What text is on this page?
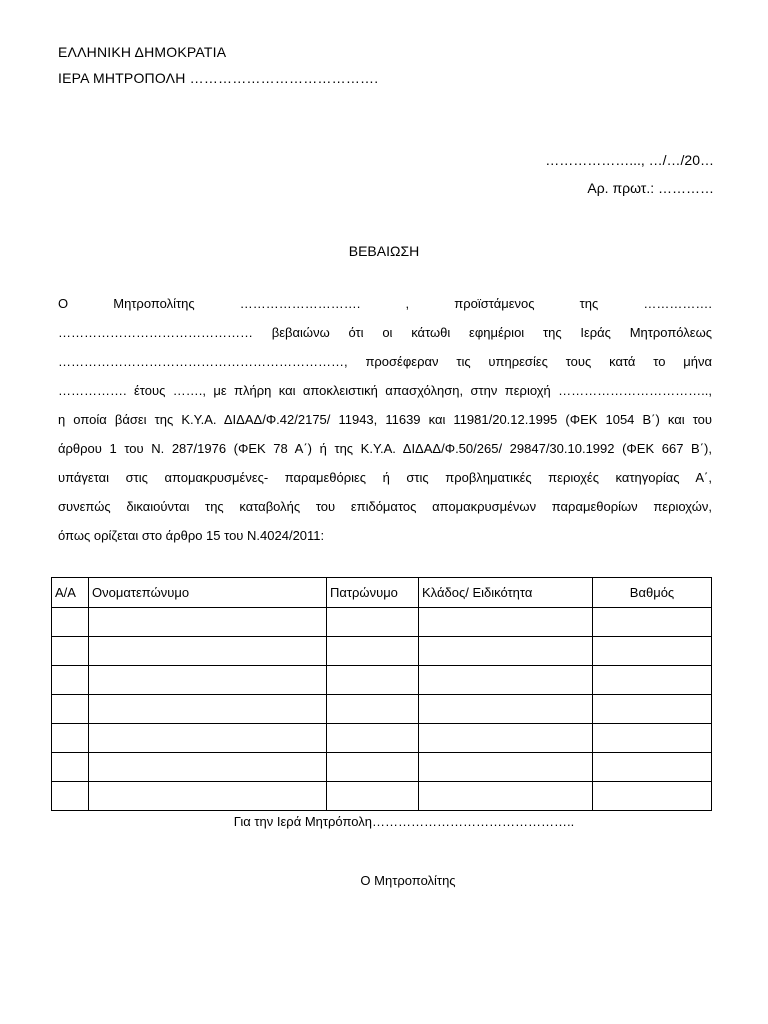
ΕΛΛΗΝΙΚΗ ΔΗΜΟΚΡΑΤΙΑ
ΙΕΡΑ ΜΗΤΡΟΠΟΛΗ ………………………………….
………………..., …/…/20…
Αρ. πρωτ.: …………
ΒΕΒΑΙΩΣΗ

Ο Μητροπολίτης ………………………. , προϊστάμενος της …………….

……………………………………… βεβαιώνω ότι οι κάτωθι εφημέριοι της Ιεράς Μητροπόλεως

…………………………………………………………, προσέφεραν τις υπηρεσίες τους κατά το μήνα

……………. έτους ……., με πλήρη και αποκλειστική απασχόληση, στην περιοχή ……………………………..,

η οποία βάσει της Κ.Υ.Α. ΔΙΔΑΔ/Φ.42/2175/ 11943, 11639 και 11981/20.12.1995 (ΦΕΚ 1054 Β΄) και του

άρθρου 1 του Ν. 287/1976 (ΦΕΚ 78 Α΄) ή της Κ.Υ.Α. ΔΙΔΑΔ/Φ.50/265/ 29847/30.10.1992 (ΦΕΚ 667 Β΄),

υπάγεται στις απομακρυσμένες- παραμεθόριες ή στις προβληματικές περιοχές κατηγορίας Α΄,

συνεπώς δικαιούνται της καταβολής του επιδόματος απομακρυσμένων παραμεθορίων περιοχών,

όπως ορίζεται στο άρθρο 15 του Ν.4024/2011:

Α/Α	Ονοματεπώνυμο	Πατρώνυμο	Κλάδος/ Ειδικότητα	Βαθμός

Για την Ιερά Μητρόπολη………………………………………..
Ο Μητροπολίτης
